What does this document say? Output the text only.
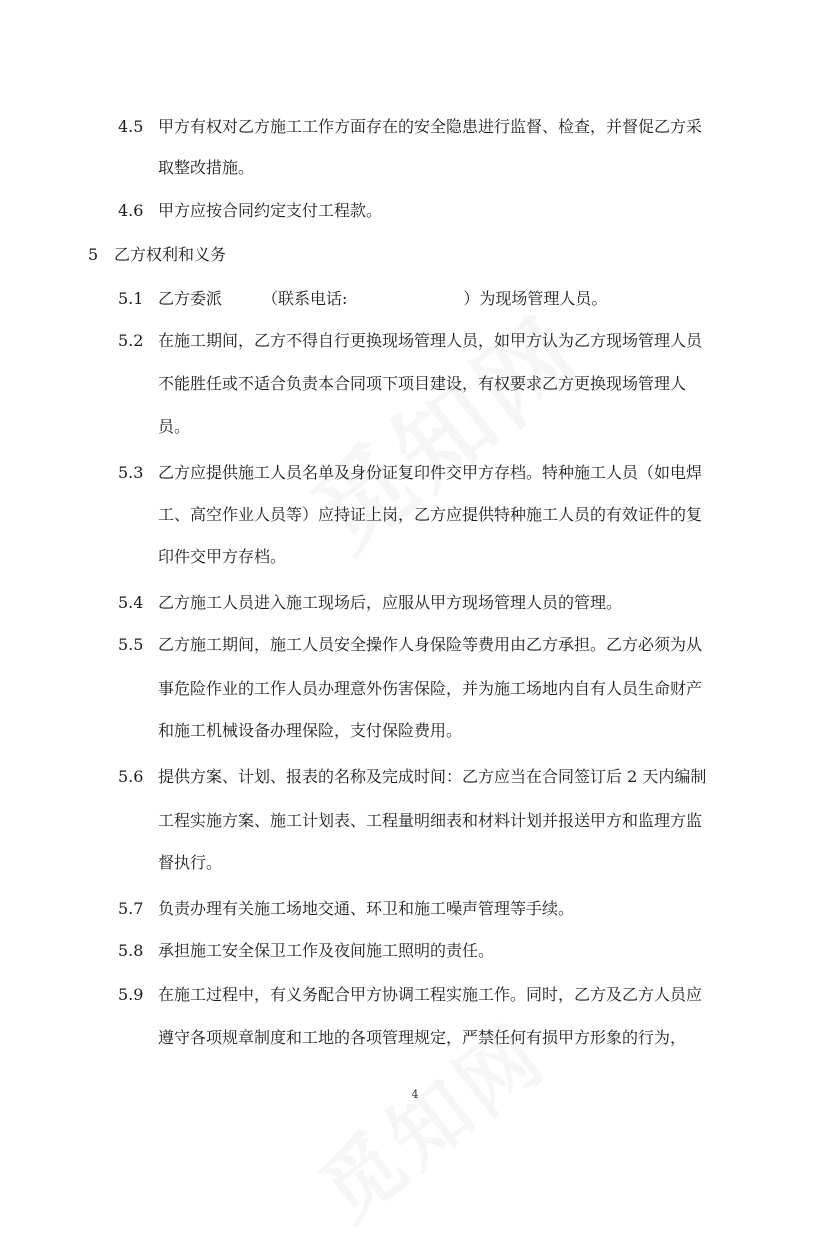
4.5 甲方有权对乙方施工工作方面存在的安全隐患进行监督、检查，并督促乙方采
取整改措施。
4.6 甲方应按合同约定支付工程款。
5 乙方权利和义务
5.1 乙方委派	（联系电话:	）为现场管理人员。
5.2 在施工期间，乙方不得自行更换现场管理人员，如甲方认为乙方现场管理人员
不能胜任或不适合负责本合同项下项目建设，有权要求乙方更换现场管理人
员。
5.3 乙方应提供施工人员名单及身份证复印件交甲方存档。特种施工人员（如电焊
工、高空作业人员等）应持证上岗，乙方应提供特种施工人员的有效证件的复
印件交甲方存档。
5.4 乙方施工人员进入施工现场后，应服从甲方现场管理人员的管理。
5.5 乙方施工期间，施工人员安全操作人身保险等费用由乙方承担。乙方必须为从
事危险作业的工作人员办理意外伤害保险，并为施工场地内自有人员生命财产
和施工机械设备办理保险，支付保险费用。
5.6 提供方案、计划、报表的名称及完成时间：乙方应当在合同签订后 2 天内编制
工程实施方案、施工计划表、工程量明细表和材料计划并报送甲方和监理方监
督执行。
5.7 负责办理有关施工场地交通、环卫和施工噪声管理等手续。
5.8 承担施工安全保卫工作及夜间施工照明的责任。
5.9 在施工过程中，有义务配合甲方协调工程实施工作。同时，乙方及乙方人员应
遵守各项规章制度和工地的各项管理规定，严禁任何有损甲方形象的行为，
4
